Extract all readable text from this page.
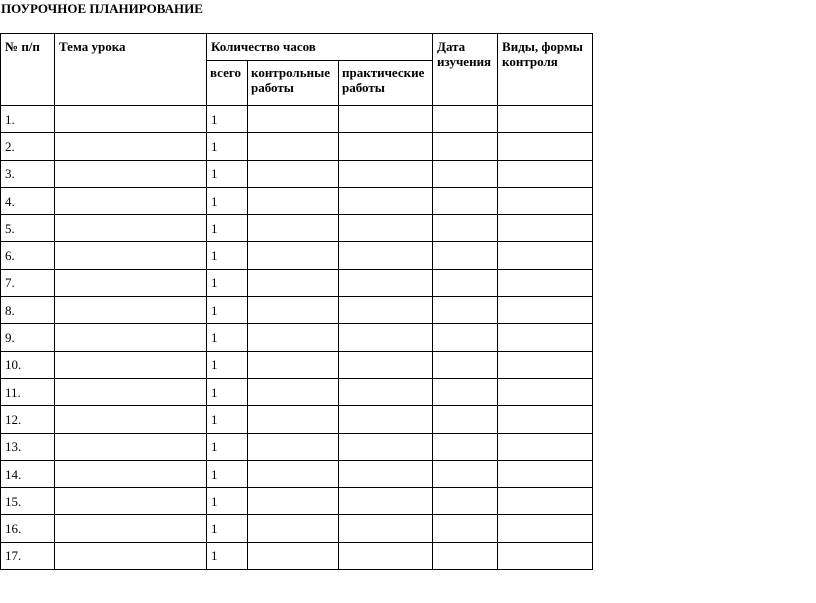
ПОУРОЧНОЕ ПЛАНИРОВАНИЕ
№ п/п	Тема урока	Количество часов			Дата изучения	Виды, формы контроля

		всего	контрольные работы	практические работы		

1.		1				

2.		1				

3.		1				

4.		1				

5.		1				

6.		1				

7.		1				

8.		1				

9.		1				

10.		1				

11.		1				

12.		1				

13.		1				

14.		1				

15.		1				

16.		1				

17.		1				
